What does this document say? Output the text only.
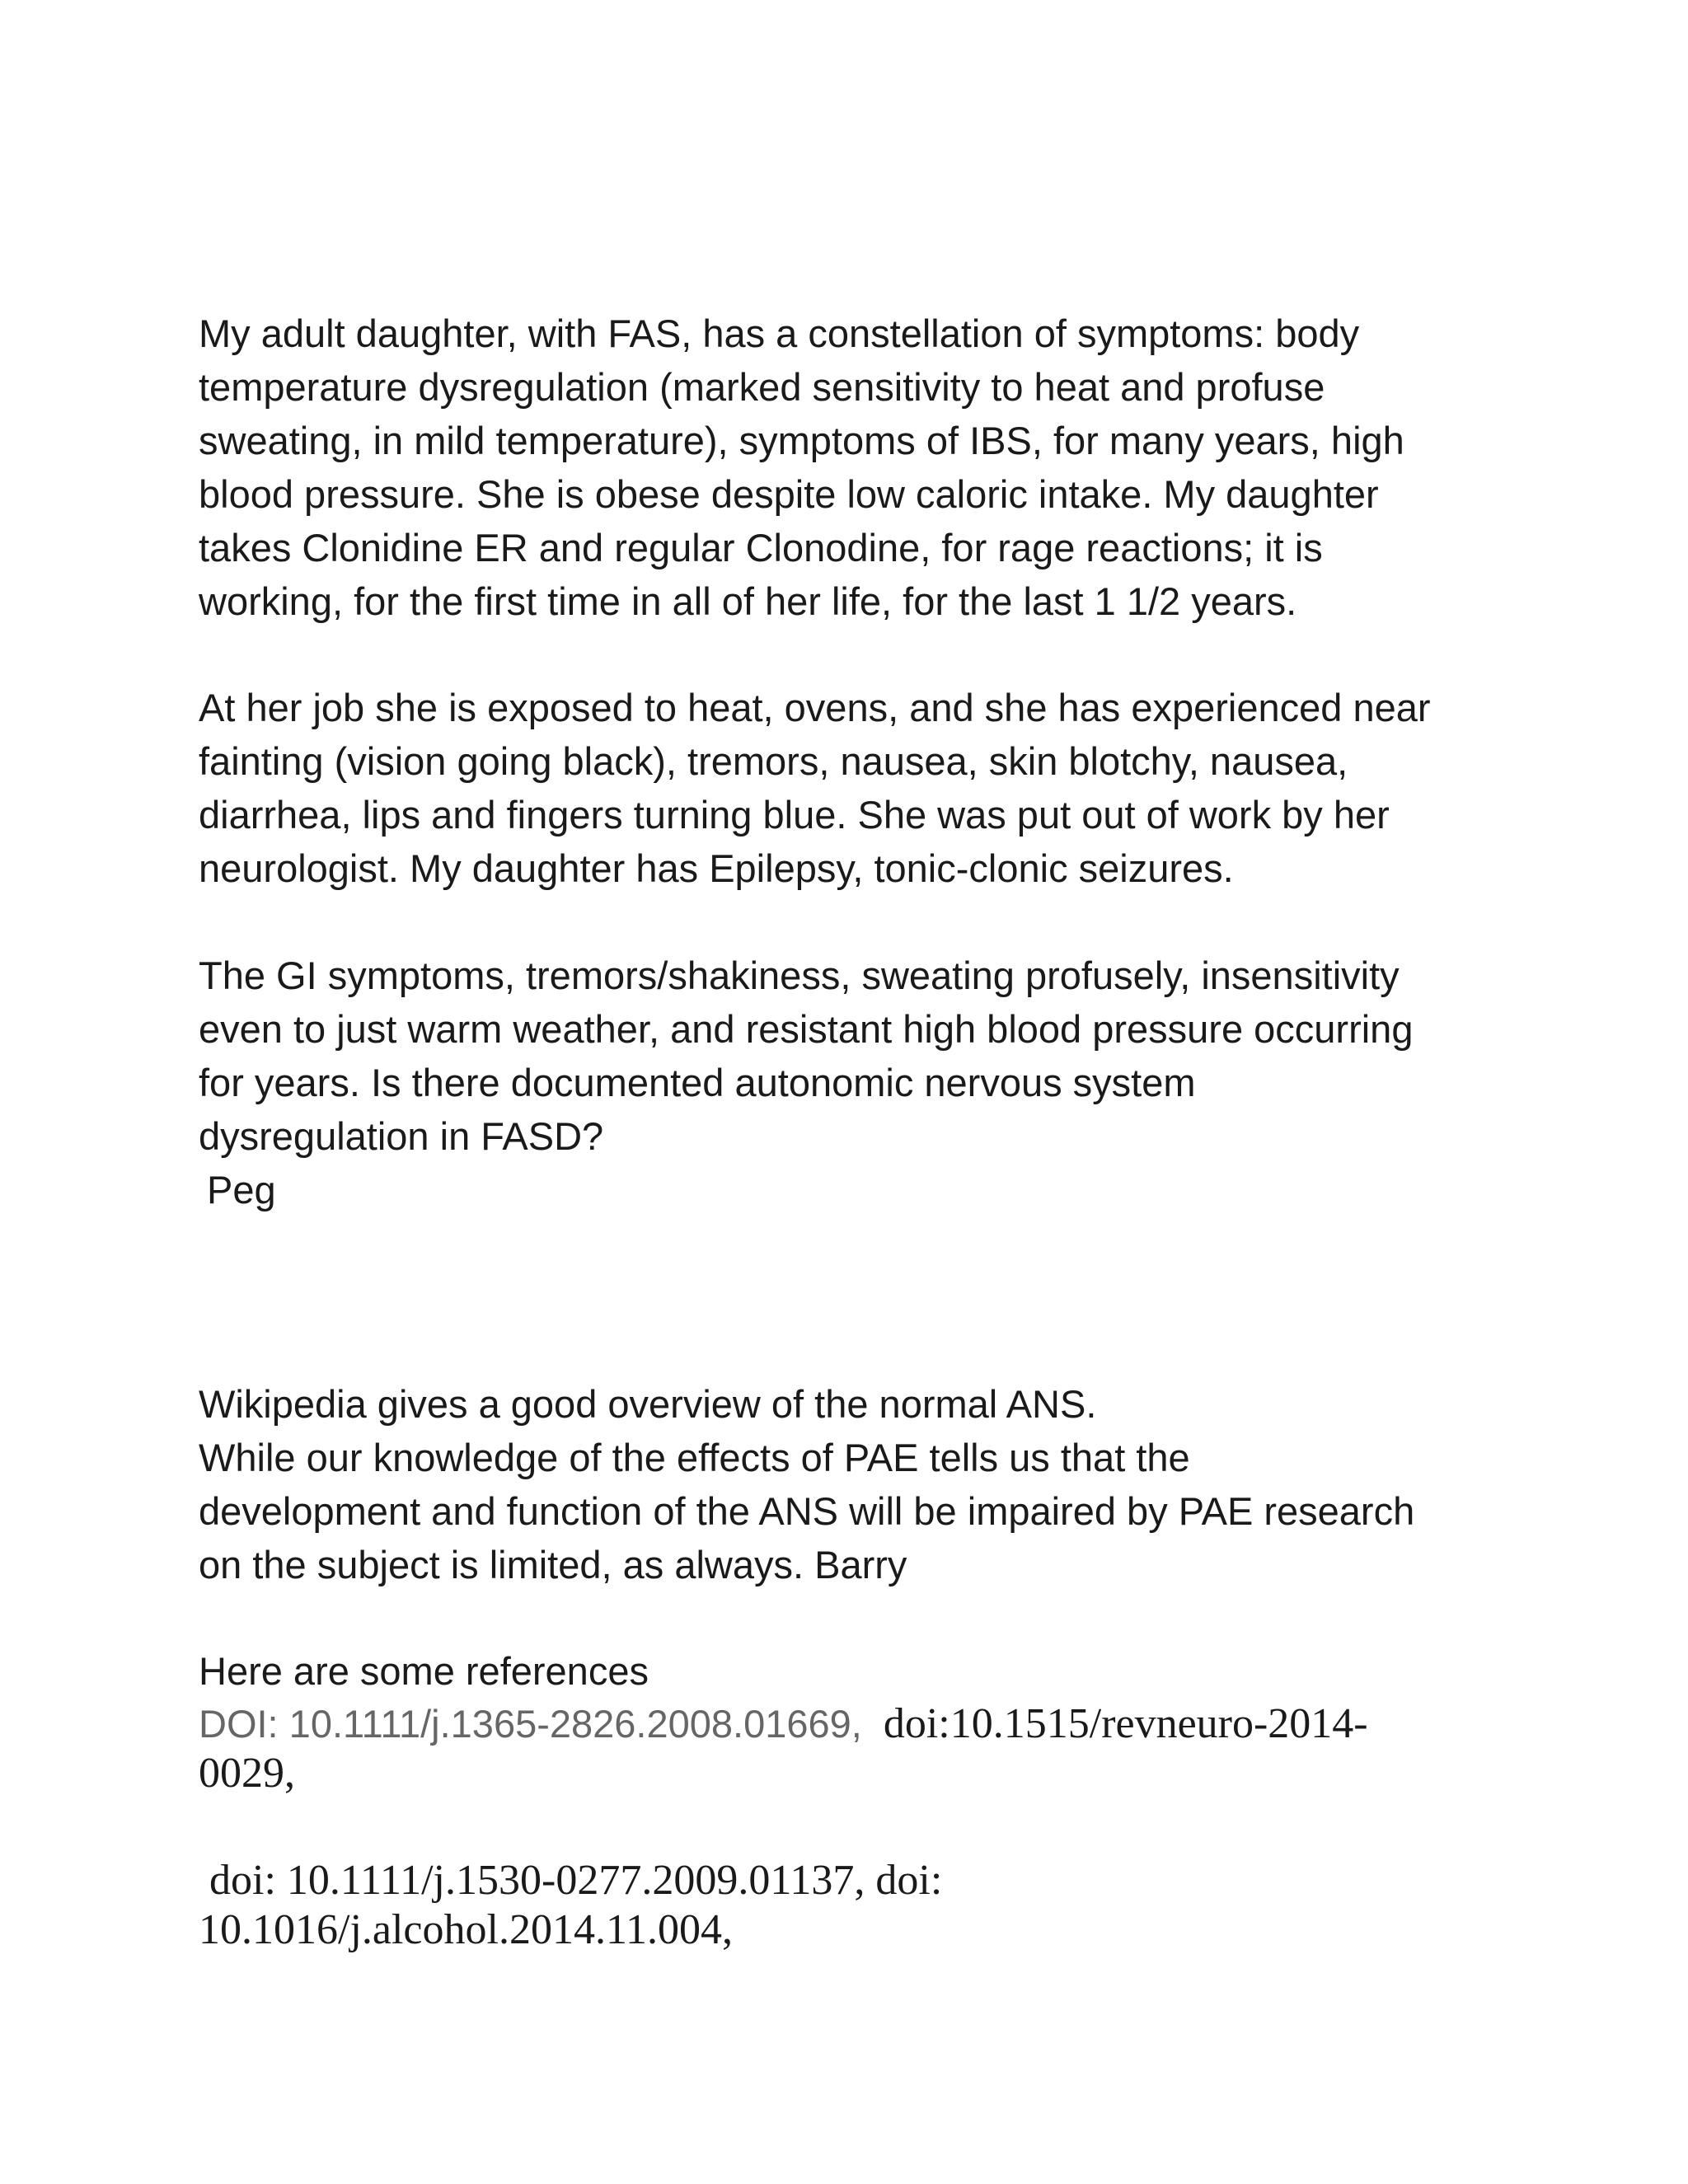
My adult daughter, with FAS, has a constellation of symptoms: body
temperature dysregulation (marked sensitivity to heat and profuse
sweating, in mild temperature), symptoms of IBS, for many years, high
blood pressure. She is obese despite low caloric intake. My daughter
takes Clonidine ER and regular Clonodine, for rage reactions; it is
working, for the first time in all of her life, for the last 1 1/2 years.
At her job she is exposed to heat, ovens, and she has experienced near
fainting (vision going black), tremors, nausea, skin blotchy, nausea,
diarrhea, lips and fingers turning blue. She was put out of work by her
neurologist. My daughter has Epilepsy, tonic-clonic seizures.
The GI symptoms, tremors/shakiness, sweating profusely, insensitivity
even to just warm weather, and resistant high blood pressure occurring
for years. Is there documented autonomic nervous system
dysregulation in FASD?
Peg
Wikipedia gives a good overview of the normal ANS.
While our knowledge of the effects of PAE tells us that the
development and function of the ANS will be impaired by PAE research
on the subject is limited, as always. Barry
Here are some references
DOI: 10.1111/j.1365-2826.2008.01669, doi:10.1515/revneuro-2014-
0029,
doi: 10.1111/j.1530-0277.2009.01137, doi:
10.1016/j.alcohol.2014.11.004,
